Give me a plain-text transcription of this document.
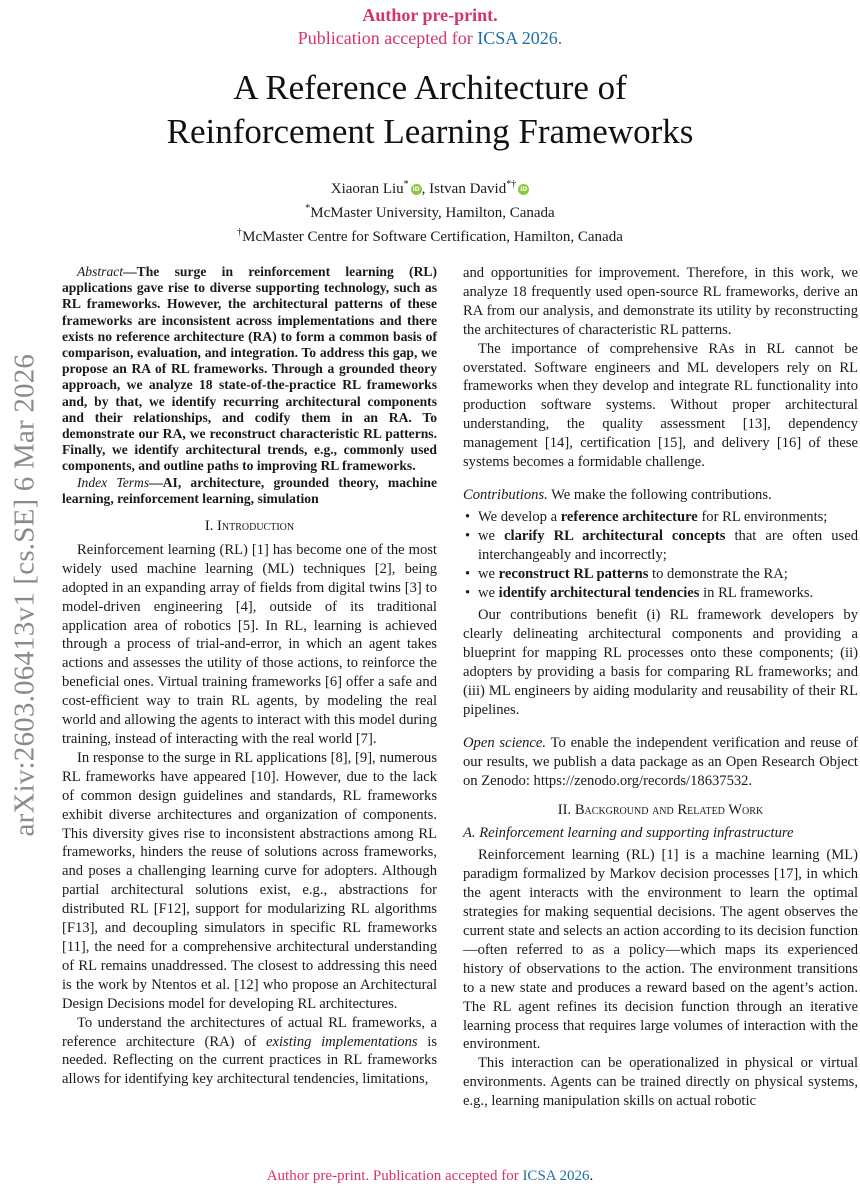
Author pre-print.
Publication accepted for ICSA 2026.
A Reference Architecture of
Reinforcement Learning Frameworks
Xiaoran Liu* iD , Istvan David*† iD
*McMaster University, Hamilton, Canada
†McMaster Centre for Software Certification, Hamilton, Canada
arXiv:2603.06413v1 [cs.SE] 6 Mar 2026

Abstract—The surge in reinforcement learning (RL) applications gave rise to diverse supporting technology, such as RL frameworks. However, the architectural patterns of these frameworks are inconsistent across implementations and there exists no reference architecture (RA) to form a common basis of comparison, evaluation, and integration. To address this gap, we propose an RA of RL frameworks. Through a grounded theory approach, we analyze 18 state-of-the-practice RL frameworks and, by that, we identify recurring architectural components and their relationships, and codify them in an RA. To demonstrate our RA, we reconstruct characteristic RL patterns. Finally, we identify architectural trends, e.g., commonly used components, and outline paths to improving RL frameworks.

Index Terms—AI, architecture, grounded theory, machine learning, reinforcement learning, simulation

I. Introduction

Reinforcement learning (RL) [1] has become one of the most widely used machine learning (ML) techniques [2], being adopted in an expanding array of fields from digital twins [3] to model-driven engineering [4], outside of its traditional application area of robotics [5]. In RL, learning is achieved through a process of trial-and-error, in which an agent takes actions and assesses the utility of those actions, to reinforce the beneficial ones. Virtual training frameworks [6] offer a safe and cost-efficient way to train RL agents, by modeling the real world and allowing the agents to interact with this model during training, instead of interacting with the real world [7].

In response to the surge in RL applications [8], [9], numerous RL frameworks have appeared [10]. However, due to the lack of common design guidelines and standards, RL frameworks exhibit diverse architectures and organization of components. This diversity gives rise to inconsistent abstractions among RL frameworks, hinders the reuse of solutions across frameworks, and poses a challenging learning curve for adopters. Although partial architectural solutions exist, e.g., abstractions for distributed RL [F12], support for modularizing RL algorithms [F13], and decoupling simulators in specific RL frameworks [11], the need for a comprehensive architectural understanding of RL remains unaddressed. The closest to addressing this need is the work by Ntentos et al. [12] who propose an Architectural Design Decisions model for developing RL architectures.

To understand the architectures of actual RL frameworks, a reference architecture (RA) of existing implementations is needed. Reflecting on the current practices in RL frameworks allows for identifying key architectural tendencies, limitations,

and opportunities for improvement. Therefore, in this work, we analyze 18 frequently used open-source RL frameworks, derive an RA from our analysis, and demonstrate its utility by reconstructing the architectures of characteristic RL patterns.

The importance of comprehensive RAs in RL cannot be overstated. Software engineers and ML developers rely on RL frameworks when they develop and integrate RL functionality into production software systems. Without proper architectural understanding, the quality assessment [13], dependency management [14], certification [15], and delivery [16] of these systems becomes a formidable challenge.

Contributions. We make the following contributions.

• We develop a reference architecture for RL environments;
• we clarify RL architectural concepts that are often used interchangeably and incorrectly;
• we reconstruct RL patterns to demonstrate the RA;
• we identify architectural tendencies in RL frameworks.

Our contributions benefit (i) RL framework developers by clearly delineating architectural components and providing a blueprint for mapping RL processes onto these components; (ii) adopters by providing a basis for comparing RL frameworks; and (iii) ML engineers by aiding modularity and reusability of their RL pipelines.

Open science. To enable the independent verification and reuse of our results, we publish a data package as an Open Research Object on Zenodo: https://zenodo.org/records/18637532.

II. Background and Related Work

A. Reinforcement learning and supporting infrastructure

Reinforcement learning (RL) [1] is a machine learning (ML) paradigm formalized by Markov decision processes [17], in which the agent interacts with the environment to learn the optimal strategies for making sequential decisions. The agent observes the current state and selects an action according to its decision function—often referred to as a policy—which maps its experienced history of observations to the action. The environment transitions to a new state and produces a reward based on the agent’s action. The RL agent refines its decision function through an iterative learning process that requires large volumes of interaction with the environment.

This interaction can be operationalized in physical or virtual environments. Agents can be trained directly on physical systems, e.g., learning manipulation skills on actual robotic

Author pre-print. Publication accepted for ICSA 2026.
